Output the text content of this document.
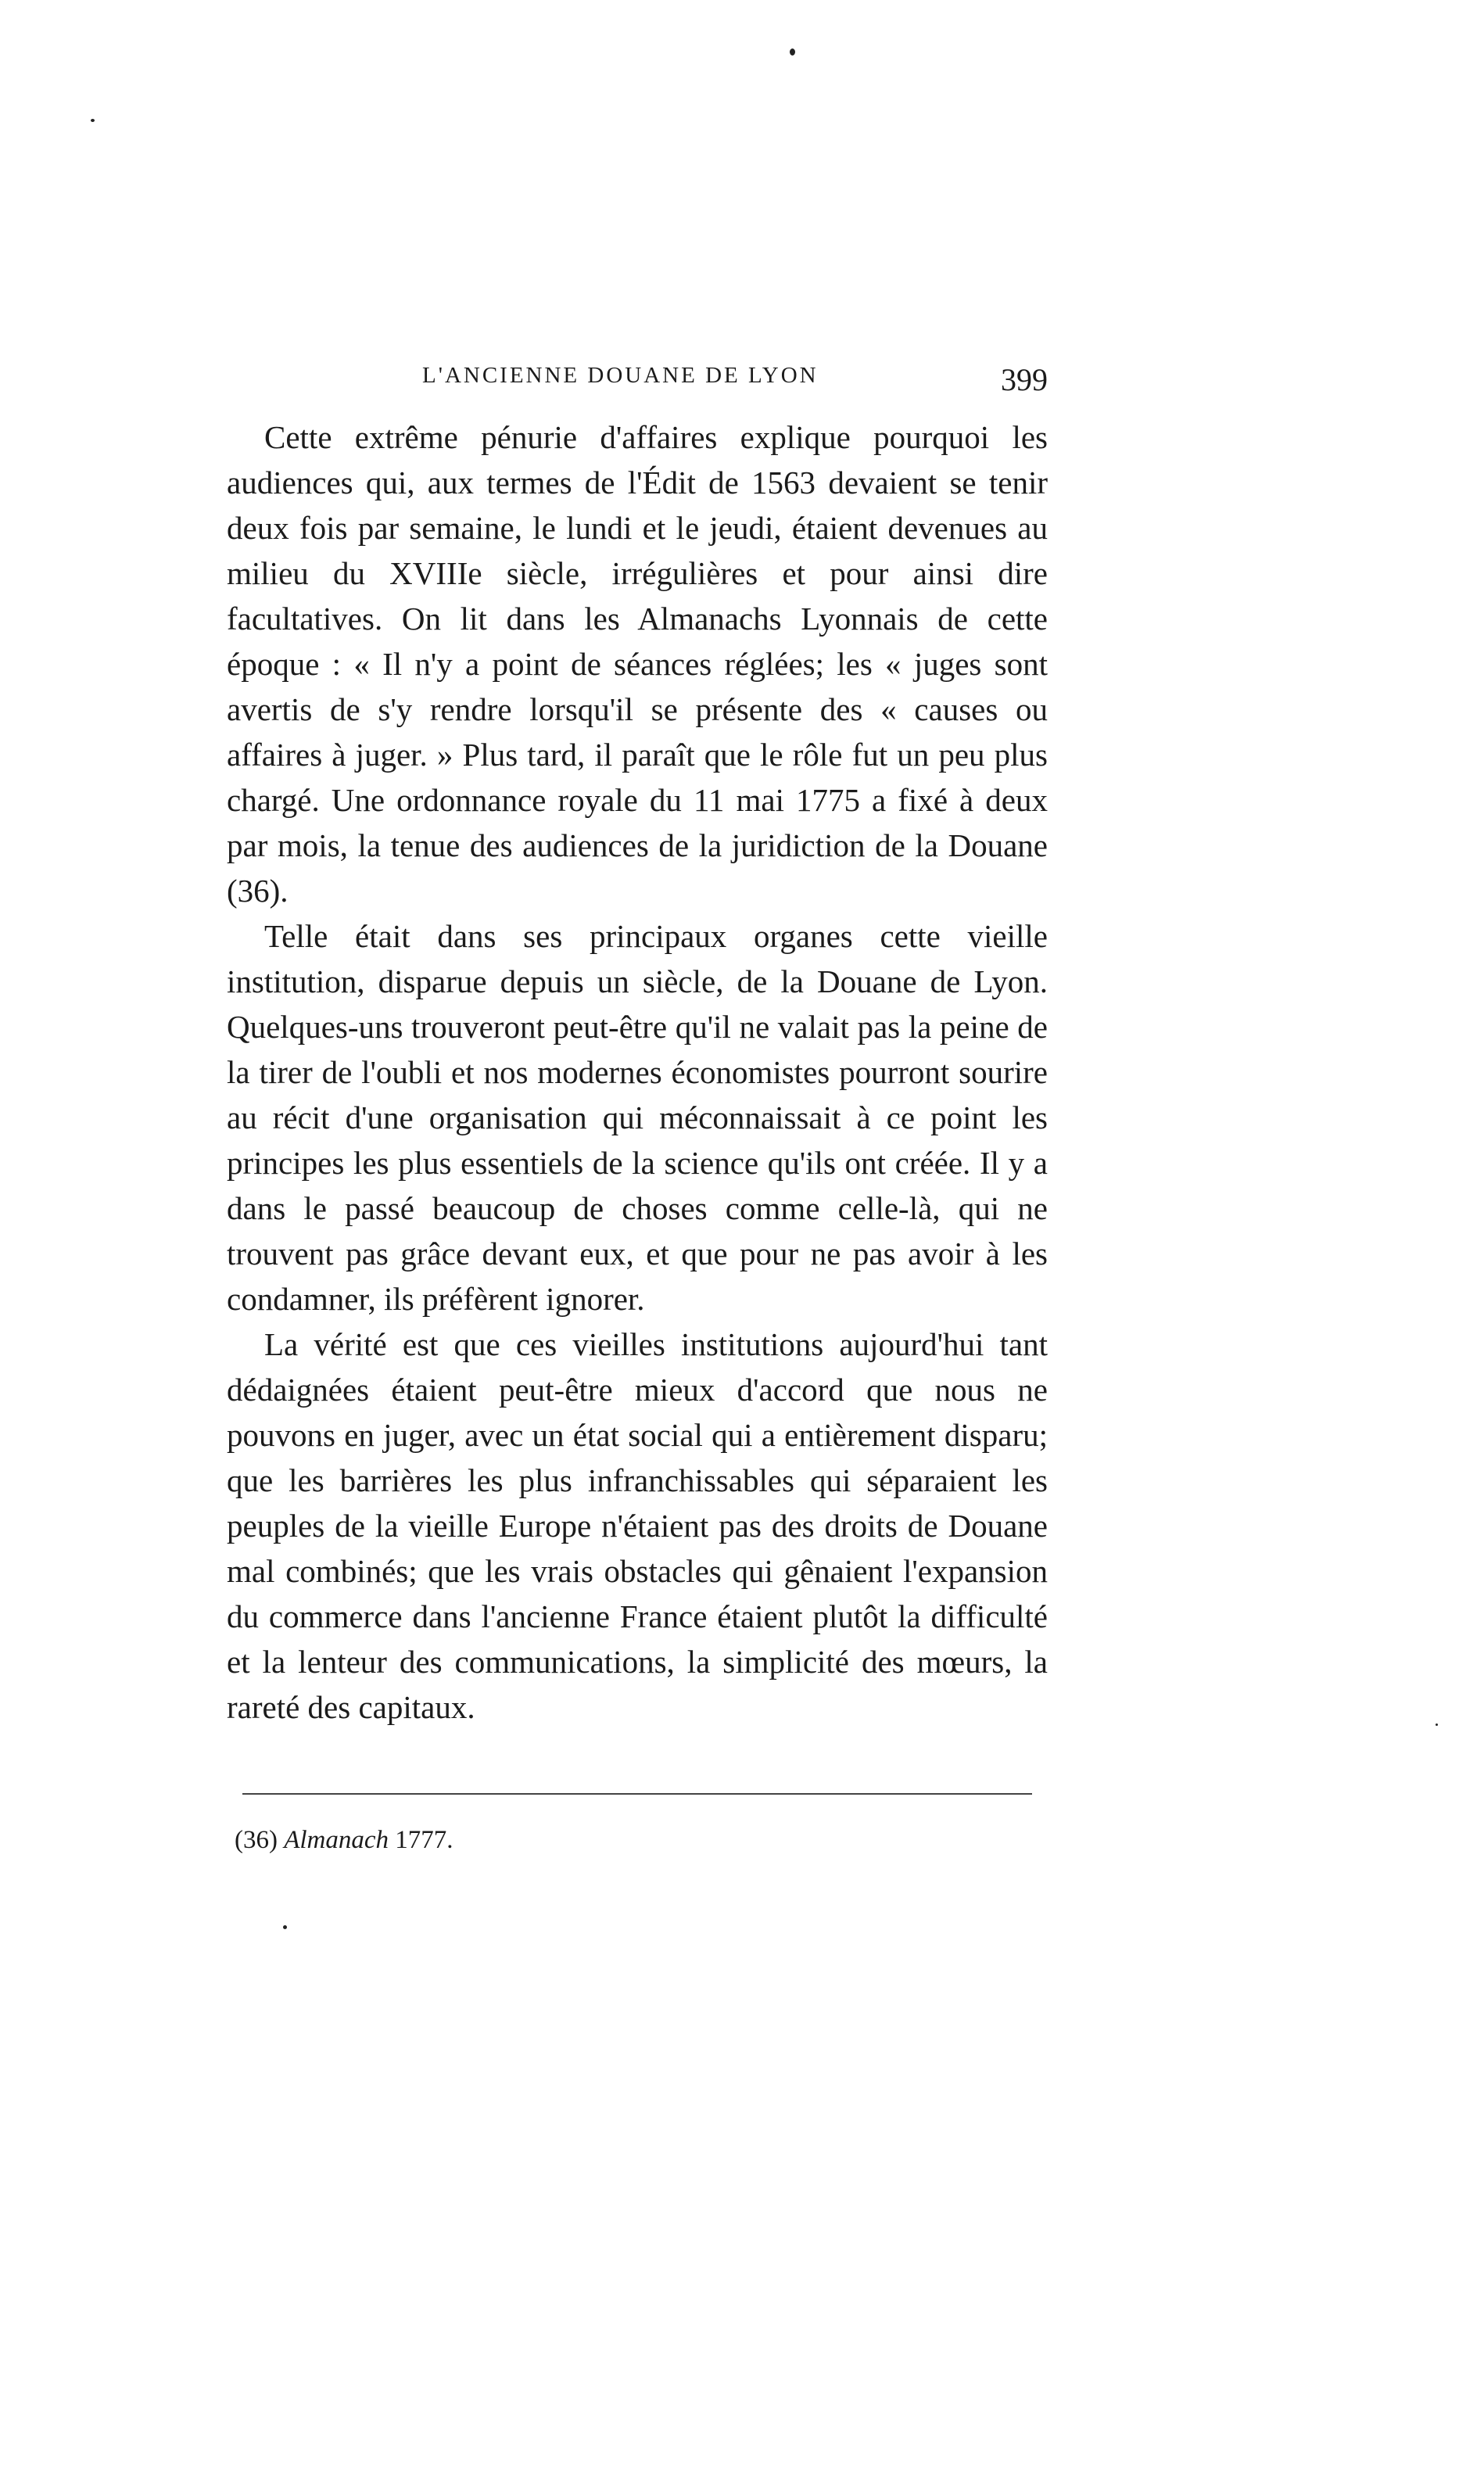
L'ANCIENNE DOUANE DE LYON	399

Cette extrême pénurie d'affaires explique pourquoi les audiences qui, aux termes de l'Édit de 1563 devaient se tenir deux fois par semaine, le lundi et le jeudi, étaient devenues au milieu du XVIIIe siècle, irrégulières et pour ainsi dire facultatives. On lit dans les Almanachs Lyonnais de cette époque : « Il n'y a point de séances réglées; les « juges sont avertis de s'y rendre lorsqu'il se présente des « causes ou affaires à juger. » Plus tard, il paraît que le rôle fut un peu plus chargé. Une ordonnance royale du 11 mai 1775 a fixé à deux par mois, la tenue des audiences de la juridiction de la Douane (36).

Telle était dans ses principaux organes cette vieille institution, disparue depuis un siècle, de la Douane de Lyon. Quelques-uns trouveront peut-être qu'il ne valait pas la peine de la tirer de l'oubli et nos modernes économistes pourront sourire au récit d'une organisation qui méconnaissait à ce point les principes les plus essentiels de la science qu'ils ont créée. Il y a dans le passé beaucoup de choses comme celle-là, qui ne trouvent pas grâce devant eux, et que pour ne pas avoir à les condamner, ils préfèrent ignorer.

La vérité est que ces vieilles institutions aujourd'hui tant dédaignées étaient peut-être mieux d'accord que nous ne pouvons en juger, avec un état social qui a entièrement disparu; que les barrières les plus infranchissables qui séparaient les peuples de la vieille Europe n'étaient pas des droits de Douane mal combinés; que les vrais obstacles qui gênaient l'expansion du commerce dans l'ancienne France étaient plutôt la difficulté et la lenteur des communications, la simplicité des mœurs, la rareté des capitaux.

(36) Almanach 1777.
